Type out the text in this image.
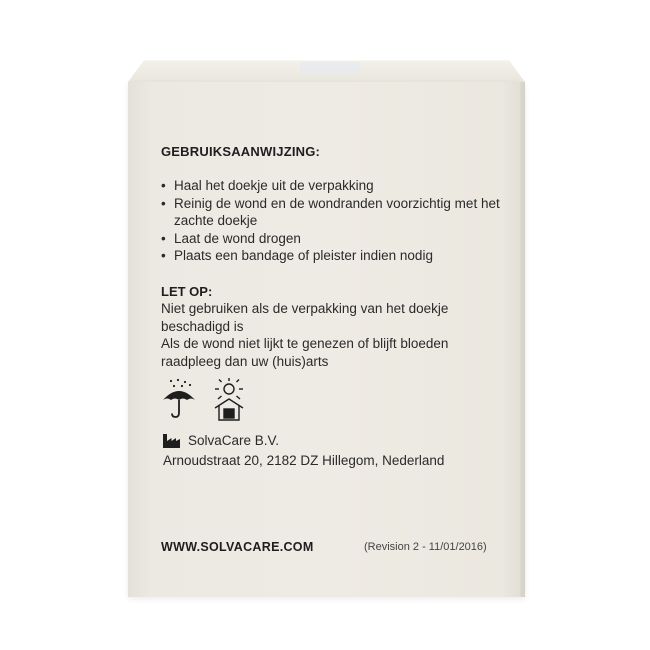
GEBRUIKSAANWIJZING:
• Haal het doekje uit de verpakking
• Reinig de wond en de wondranden voorzichtig met het zachte doekje
• Laat de wond drogen
• Plaats een bandage of pleister indien nodig
LET OP:

Niet gebruiken als de verpakking van het doekje beschadigd is

Als de wond niet lijkt te genezen of blijft bloeden raadpleeg dan uw (huis)arts

SolvaCare B.V.
Arnoudstraat 20, 2182 DZ Hillegom, Nederland
WWW.SOLVACARE.COM	(Revision 2 - 11/01/2016)
